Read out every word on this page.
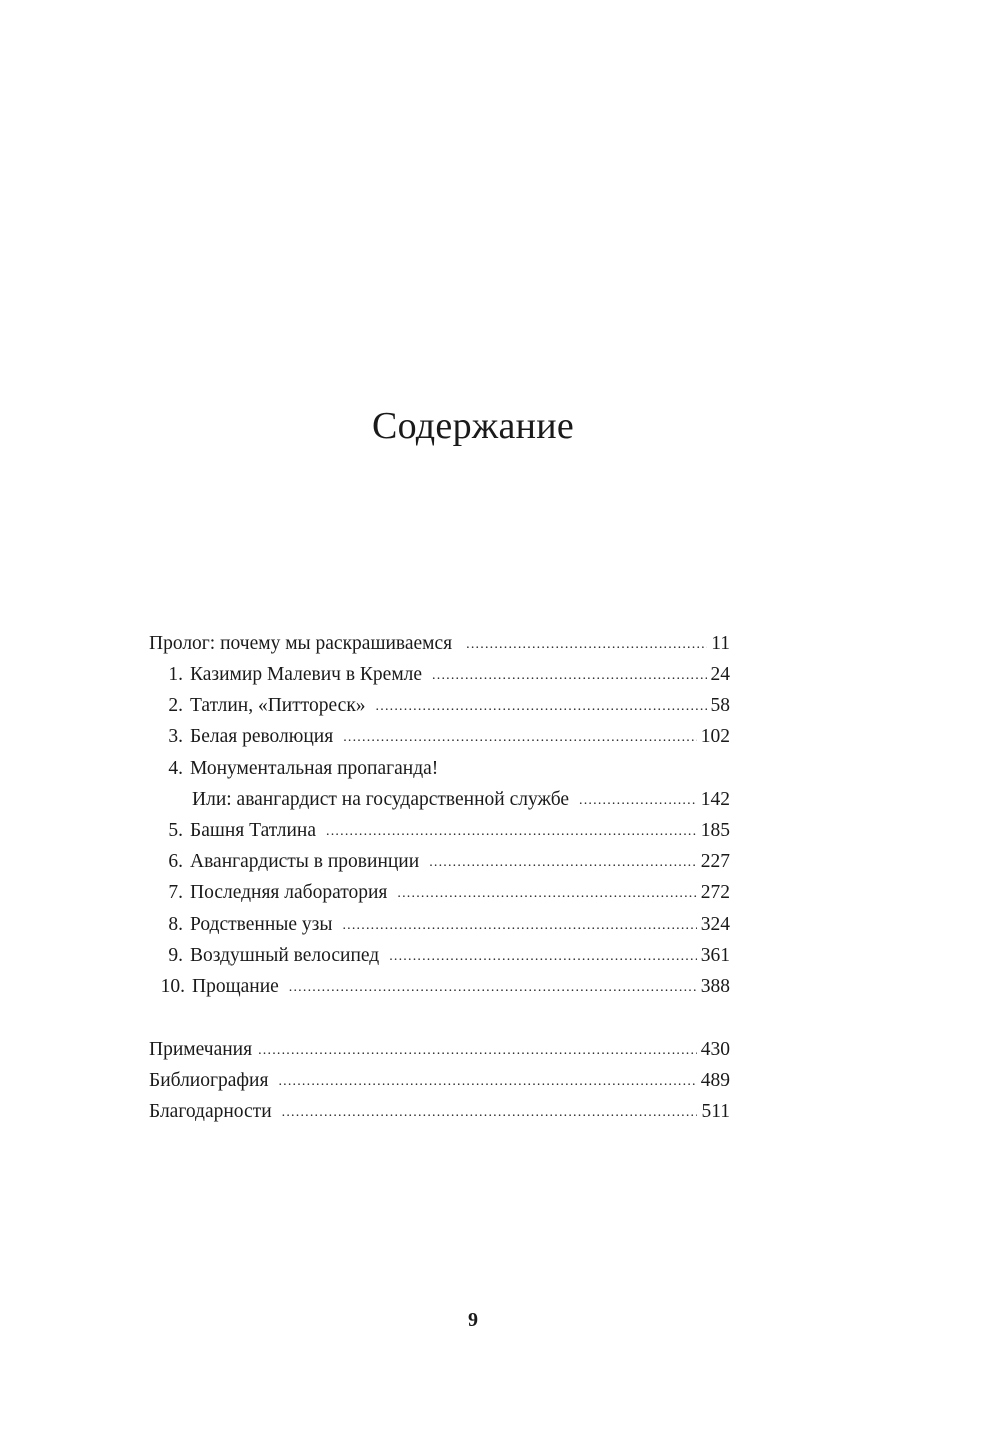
Содержание
Пролог: почему мы раскрашиваемся .....	11
1. Казимир Малевич в Кремле .....	24
2. Татлин, «Питтореск» .....	58
3. Белая революция .....	102
4. Монументальная пропаганда!
Или: авангардист на государственной службе .....	142
5. Башня Татлина .....	185
6. Авангардисты в провинции .....	227
7. Последняя лаборатория .....	272
8. Родственные узы .....	324
9. Воздушный велосипед .....	361
10. Прощание .....	388
Примечания .....	430
Библиография .....	489
Благодарности .....	511
9
